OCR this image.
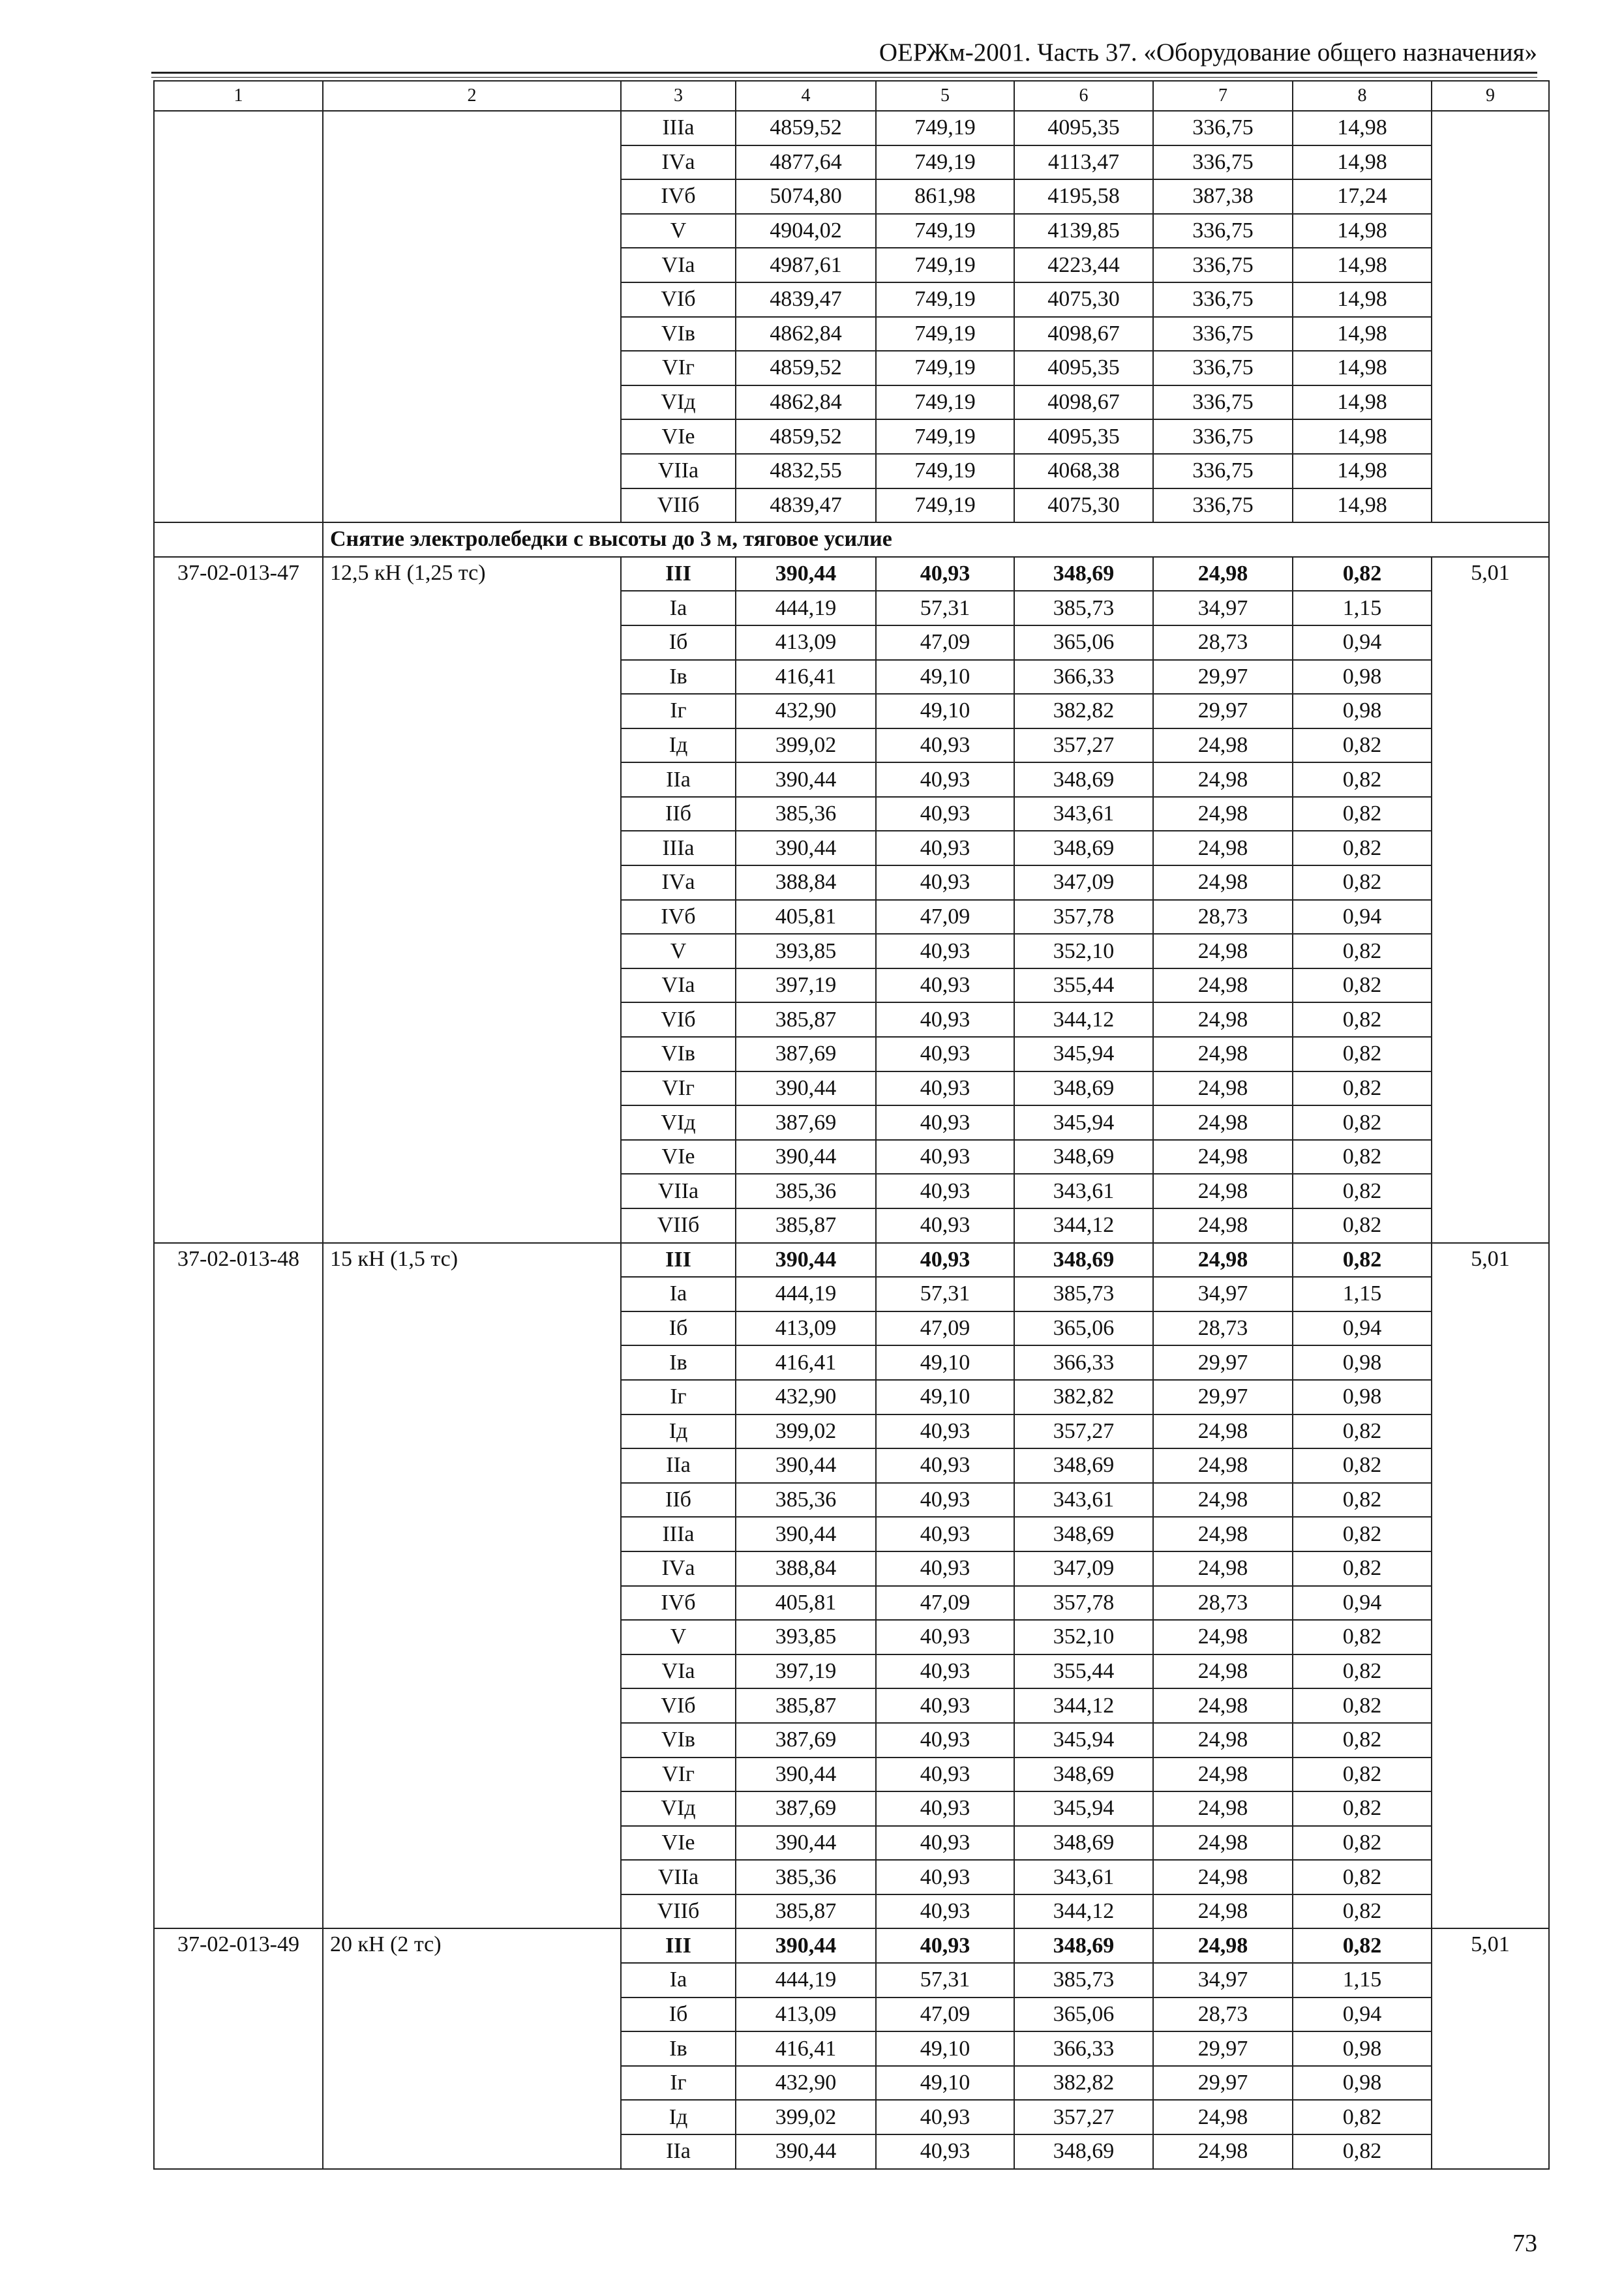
ОЕРЖм-2001. Часть 37. «Оборудование общего назначения»
1	2	3	4	5	6	7	8	9
		IIIа	4859,52	749,19	4095,35	336,75	14,98	
		IVа	4877,64	749,19	4113,47	336,75	14,98	
		IVб	5074,80	861,98	4195,58	387,38	17,24	
		V	4904,02	749,19	4139,85	336,75	14,98	
		VIа	4987,61	749,19	4223,44	336,75	14,98	
		VIб	4839,47	749,19	4075,30	336,75	14,98	
		VIв	4862,84	749,19	4098,67	336,75	14,98	
		VIг	4859,52	749,19	4095,35	336,75	14,98	
		VIд	4862,84	749,19	4098,67	336,75	14,98	
		VIе	4859,52	749,19	4095,35	336,75	14,98	
		VIIа	4832,55	749,19	4068,38	336,75	14,98	
		VIIб	4839,47	749,19	4075,30	336,75	14,98	
	Снятие электролебедки с высоты до 3 м, тяговое усилие							
37-02-013-47	12,5 кН (1,25 тс)	III	390,44	40,93	348,69	24,98	0,82	5,01
		Iа	444,19	57,31	385,73	34,97	1,15	
		Iб	413,09	47,09	365,06	28,73	0,94	
		Iв	416,41	49,10	366,33	29,97	0,98	
		Iг	432,90	49,10	382,82	29,97	0,98	
		Iд	399,02	40,93	357,27	24,98	0,82	
		IIа	390,44	40,93	348,69	24,98	0,82	
		IIб	385,36	40,93	343,61	24,98	0,82	
		IIIа	390,44	40,93	348,69	24,98	0,82	
		IVа	388,84	40,93	347,09	24,98	0,82	
		IVб	405,81	47,09	357,78	28,73	0,94	
		V	393,85	40,93	352,10	24,98	0,82	
		VIа	397,19	40,93	355,44	24,98	0,82	
		VIб	385,87	40,93	344,12	24,98	0,82	
		VIв	387,69	40,93	345,94	24,98	0,82	
		VIг	390,44	40,93	348,69	24,98	0,82	
		VIд	387,69	40,93	345,94	24,98	0,82	
		VIе	390,44	40,93	348,69	24,98	0,82	
		VIIа	385,36	40,93	343,61	24,98	0,82	
		VIIб	385,87	40,93	344,12	24,98	0,82	
37-02-013-48	15 кН (1,5 тс)	III	390,44	40,93	348,69	24,98	0,82	5,01
		Iа	444,19	57,31	385,73	34,97	1,15	
		Iб	413,09	47,09	365,06	28,73	0,94	
		Iв	416,41	49,10	366,33	29,97	0,98	
		Iг	432,90	49,10	382,82	29,97	0,98	
		Iд	399,02	40,93	357,27	24,98	0,82	
		IIа	390,44	40,93	348,69	24,98	0,82	
		IIб	385,36	40,93	343,61	24,98	0,82	
		IIIа	390,44	40,93	348,69	24,98	0,82	
		IVа	388,84	40,93	347,09	24,98	0,82	
		IVб	405,81	47,09	357,78	28,73	0,94	
		V	393,85	40,93	352,10	24,98	0,82	
		VIа	397,19	40,93	355,44	24,98	0,82	
		VIб	385,87	40,93	344,12	24,98	0,82	
		VIв	387,69	40,93	345,94	24,98	0,82	
		VIг	390,44	40,93	348,69	24,98	0,82	
		VIд	387,69	40,93	345,94	24,98	0,82	
		VIе	390,44	40,93	348,69	24,98	0,82	
		VIIа	385,36	40,93	343,61	24,98	0,82	
		VIIб	385,87	40,93	344,12	24,98	0,82	
37-02-013-49	20 кН (2 тс)	III	390,44	40,93	348,69	24,98	0,82	5,01
		Iа	444,19	57,31	385,73	34,97	1,15	
		Iб	413,09	47,09	365,06	28,73	0,94	
		Iв	416,41	49,10	366,33	29,97	0,98	
		Iг	432,90	49,10	382,82	29,97	0,98	
		Iд	399,02	40,93	357,27	24,98	0,82	
		IIа	390,44	40,93	348,69	24,98	0,82	
73
